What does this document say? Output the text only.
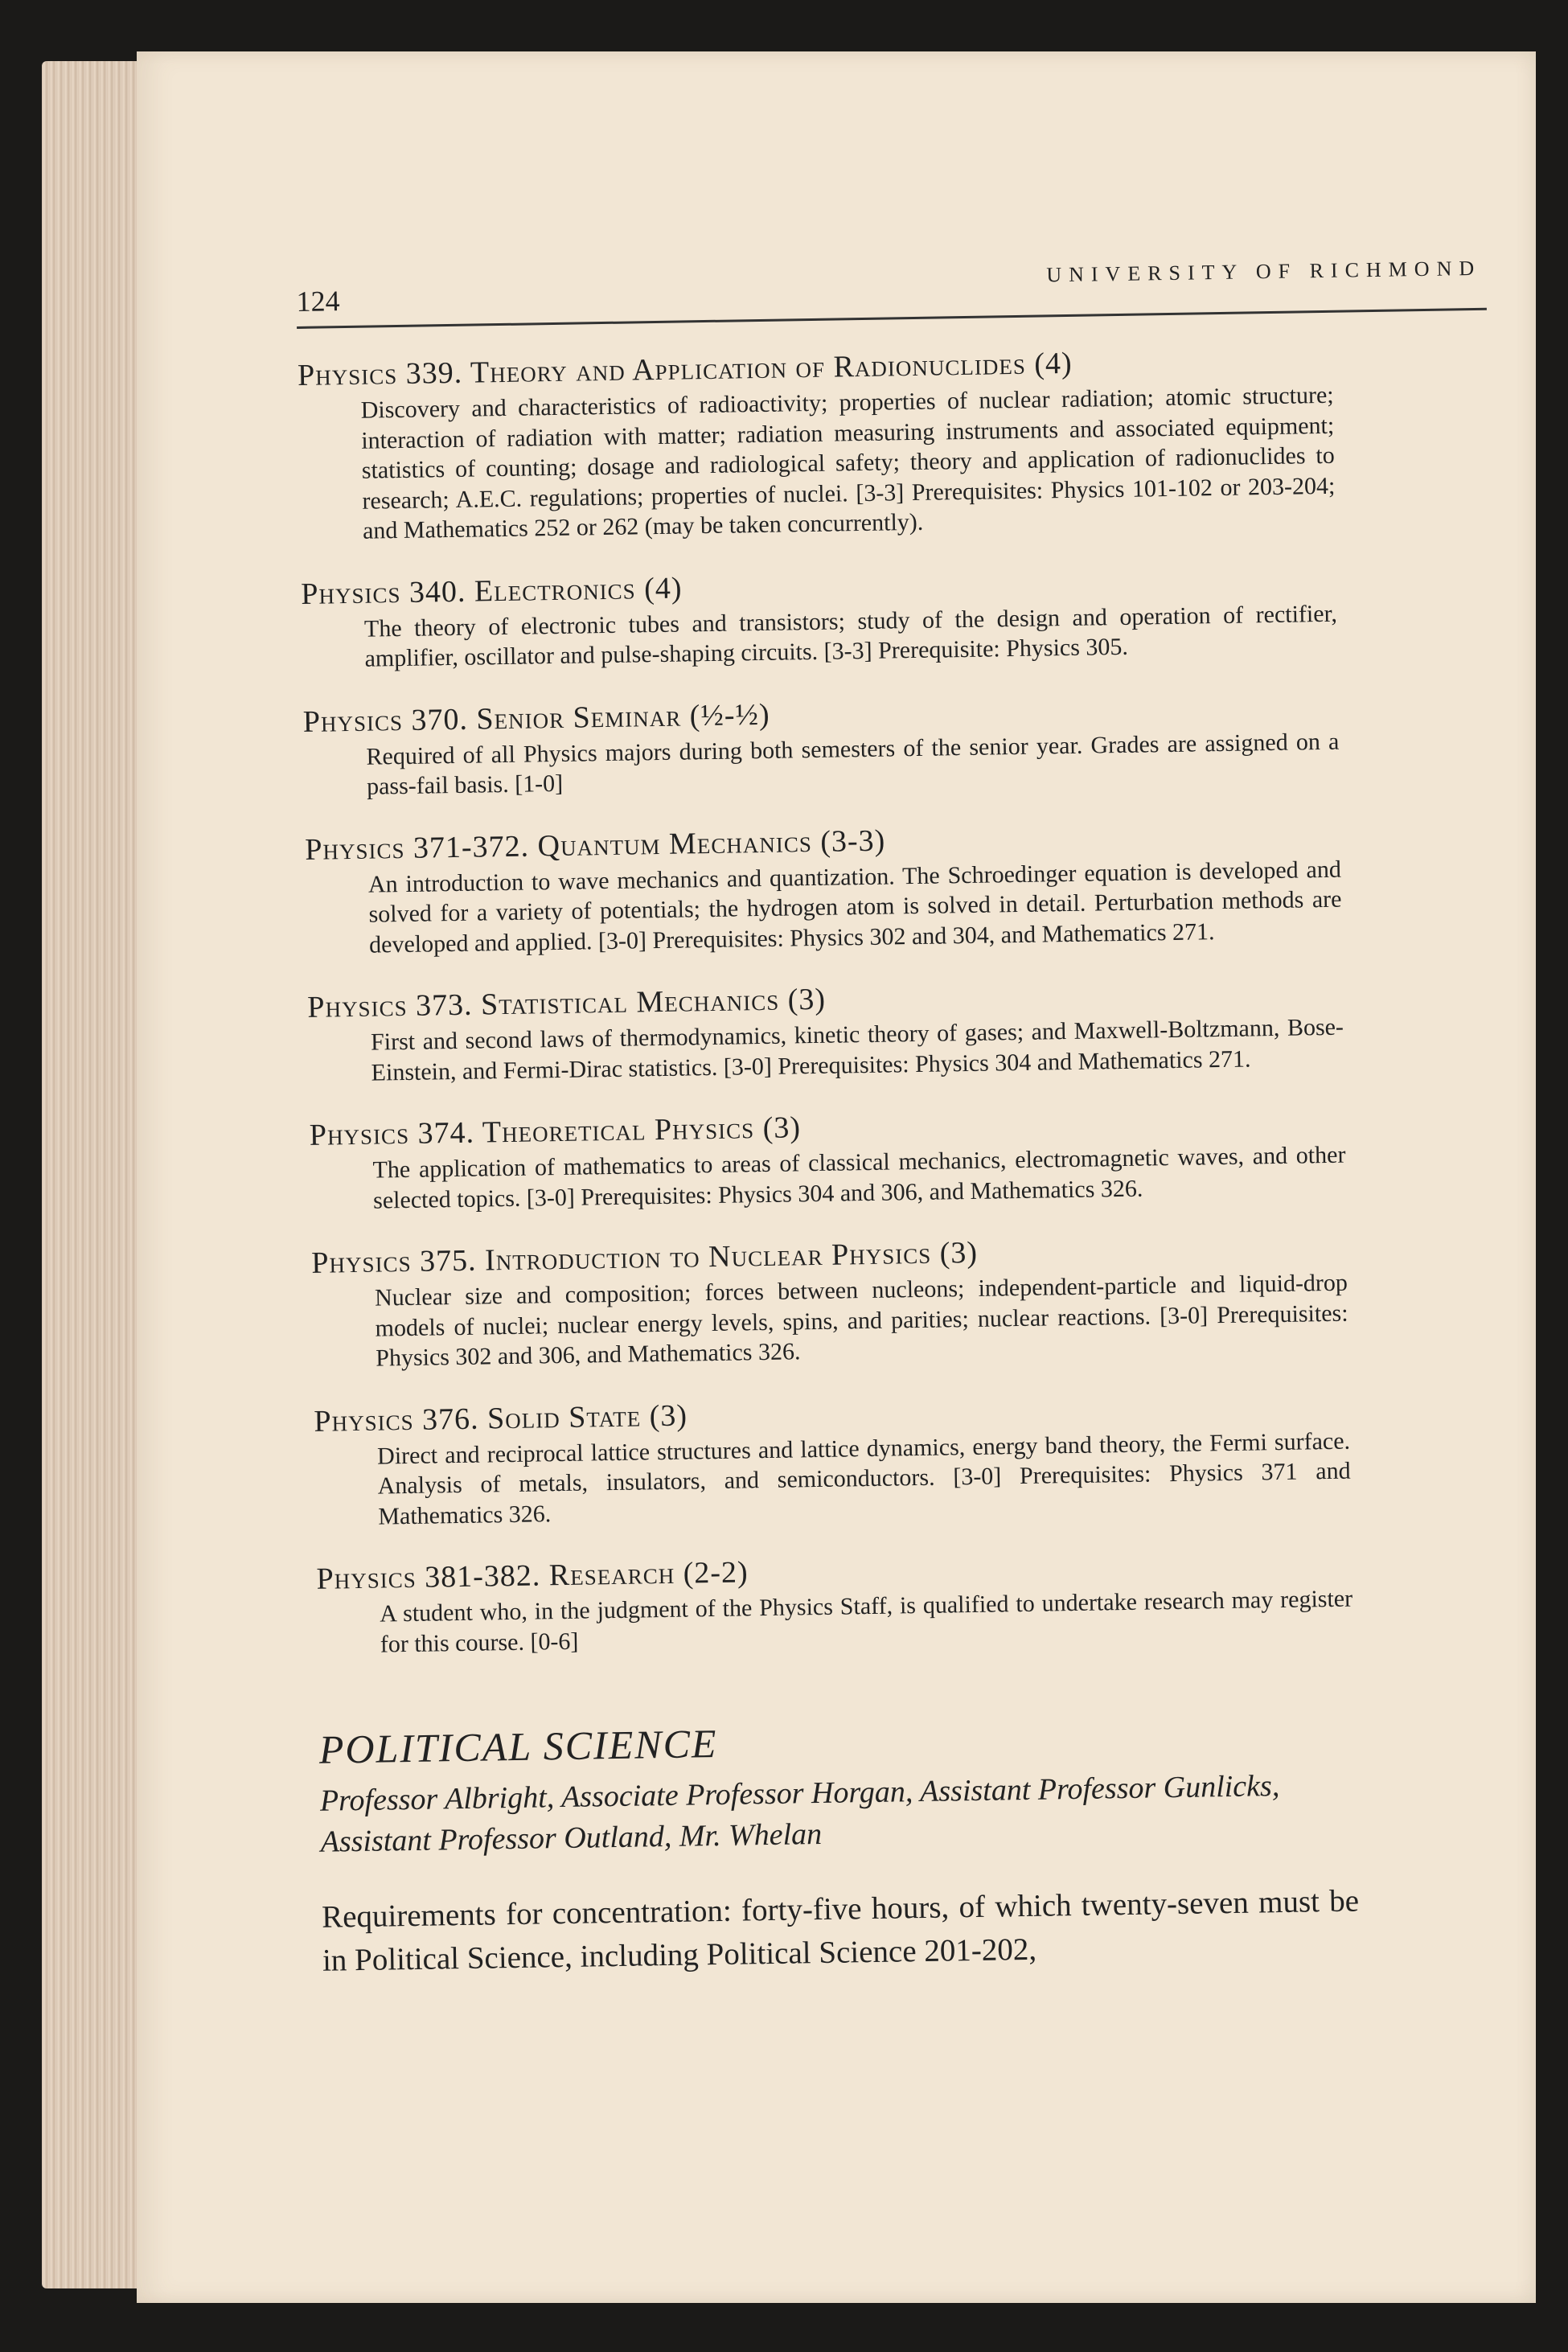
124
UNIVERSITY OF RICHMOND
Physics 339. Theory and Application of Radionuclides (4)
Discovery and characteristics of radioactivity; properties of nuclear radiation; atomic structure; interaction of radiation with matter; radiation measuring instruments and associated equipment; statistics of counting; dosage and radiological safety; theory and application of radionuclides to research; A.E.C. regulations; properties of nuclei. [3-3] Prerequisites: Physics 101-102 or 203-204; and Mathematics 252 or 262 (may be taken concurrently).
Physics 340. Electronics (4)
The theory of electronic tubes and transistors; study of the design and operation of rectifier, amplifier, oscillator and pulse-shaping circuits. [3-3] Prerequisite: Physics 305.
Physics 370. Senior Seminar (½-½)
Required of all Physics majors during both semesters of the senior year. Grades are assigned on a pass-fail basis. [1-0]
Physics 371-372. Quantum Mechanics (3-3)
An introduction to wave mechanics and quantization. The Schroedinger equation is developed and solved for a variety of potentials; the hydrogen atom is solved in detail. Perturbation methods are developed and applied. [3-0] Prerequisites: Physics 302 and 304, and Mathematics 271.
Physics 373. Statistical Mechanics (3)
First and second laws of thermodynamics, kinetic theory of gases; and Maxwell-Boltzmann, Bose-Einstein, and Fermi-Dirac statistics. [3-0] Prerequisites: Physics 304 and Mathematics 271.
Physics 374. Theoretical Physics (3)
The application of mathematics to areas of classical mechanics, electromagnetic waves, and other selected topics. [3-0] Prerequisites: Physics 304 and 306, and Mathematics 326.
Physics 375. Introduction to Nuclear Physics (3)
Nuclear size and composition; forces between nucleons; independent-particle and liquid-drop models of nuclei; nuclear energy levels, spins, and parities; nuclear reactions. [3-0] Prerequisites: Physics 302 and 306, and Mathematics 326.
Physics 376. Solid State (3)
Direct and reciprocal lattice structures and lattice dynamics, energy band theory, the Fermi surface. Analysis of metals, insulators, and semiconductors. [3-0] Prerequisites: Physics 371 and Mathematics 326.
Physics 381-382. Research (2-2)
A student who, in the judgment of the Physics Staff, is qualified to undertake research may register for this course. [0-6]
POLITICAL SCIENCE
Professor Albright, Associate Professor Horgan, Assistant Professor Gunlicks, Assistant Professor Outland, Mr. Whelan
Requirements for concentration: forty-five hours, of which twenty-seven must be in Political Science, including Political Science 201-202,
